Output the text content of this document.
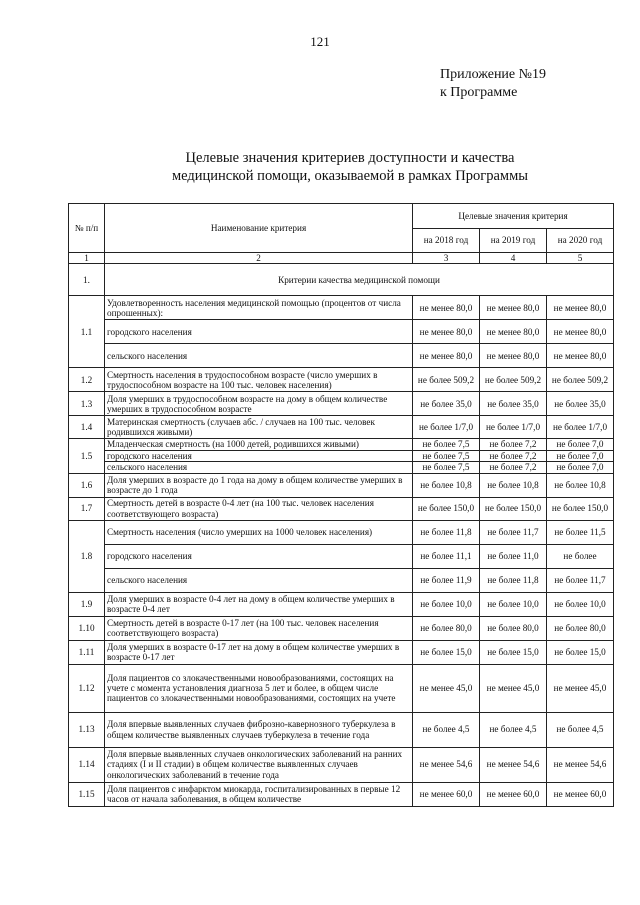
121
Приложение №19
к Программе
Целевые значения критериев доступности и качества
медицинской помощи, оказываемой в рамках Программы
№ п/п	Наименование критерия	Целевые значения критерия		
		на 2018 год	на 2019 год	на 2020 год
1	2	3	4	5
1.	Критерии качества медицинской помощи			
1.1	Удовлетворенность населения медицинской помощью (процентов от числа опрошенных):	не менее 80,0	не менее 80,0	не менее 80,0
	городского населения	не менее 80,0	не менее 80,0	не менее 80,0
	сельского населения	не менее 80,0	не менее 80,0	не менее 80,0
1.2	Смертность населения в трудоспособном возрасте (число умерших в трудоспособном возрасте на 100 тыс. человек населения)	не более 509,2	не более 509,2	не более 509,2
1.3	Доля умерших в трудоспособном возрасте на дому в общем количестве умерших в трудоспособном возрасте	не более 35,0	не более 35,0	не более 35,0
1.4	Материнская смертность (случаев абс. / случаев на 100 тыс. человек родившихся живыми)	не более 1/7,0	не более 1/7,0	не более 1/7,0
1.5	Младенческая смертность (на 1000 детей, родившихся живыми)	не более 7,5	не более 7,2	не более 7,0
	городского населения	не более 7,5	не более 7,2	не более 7,0
	сельского населения	не более 7,5	не более 7,2	не более 7,0
1.6	Доля умерших в возрасте до 1 года на дому в общем количестве умерших в возрасте до 1 года	не более 10,8	не более 10,8	не более 10,8
1.7	Смертность детей в возрасте 0-4 лет (на 100 тыс. человек населения соответствующего возраста)	не более 150,0	не более 150,0	не более 150,0
1.8	Смертность населения (число умерших на 1000 человек населения)	не более 11,8	не более 11,7	не более 11,5
	городского населения	не более 11,1	не более 11,0	не более
	сельского населения	не более 11,9	не более 11,8	не более 11,7
1.9	Доля умерших в возрасте 0-4 лет на дому в общем количестве умерших в возрасте 0-4 лет	не более 10,0	не более 10,0	не более 10,0
1.10	Смертность детей в возрасте 0-17 лет (на 100 тыс. человек населения соответствующего возраста)	не более 80,0	не более 80,0	не более 80,0
1.11	Доля умерших в возрасте 0-17 лет на дому в общем количестве умерших в возрасте 0-17 лет	не более 15,0	не более 15,0	не более 15,0
1.12	Доля пациентов со злокачественными новообразованиями, состоящих на учете с момента установления диагноза 5 лет и более, в общем числе пациентов со злокачественными новообразованиями, состоящих на учете	не менее 45,0	не менее 45,0	не менее 45,0
1.13	Доля впервые выявленных случаев фиброзно-кавернозного туберкулеза в общем количестве выявленных случаев туберкулеза в течение года	не более 4,5	не более 4,5	не более 4,5
1.14	Доля впервые выявленных случаев онкологических заболеваний на ранних стадиях (I и II стадии) в общем количестве выявленных случаев онкологических заболеваний в течение года	не менее 54,6	не менее 54,6	не менее 54,6
1.15	Доля пациентов с инфарктом миокарда, госпитализированных в первые 12 часов от начала заболевания, в общем количестве	не менее 60,0	не менее 60,0	не менее 60,0
